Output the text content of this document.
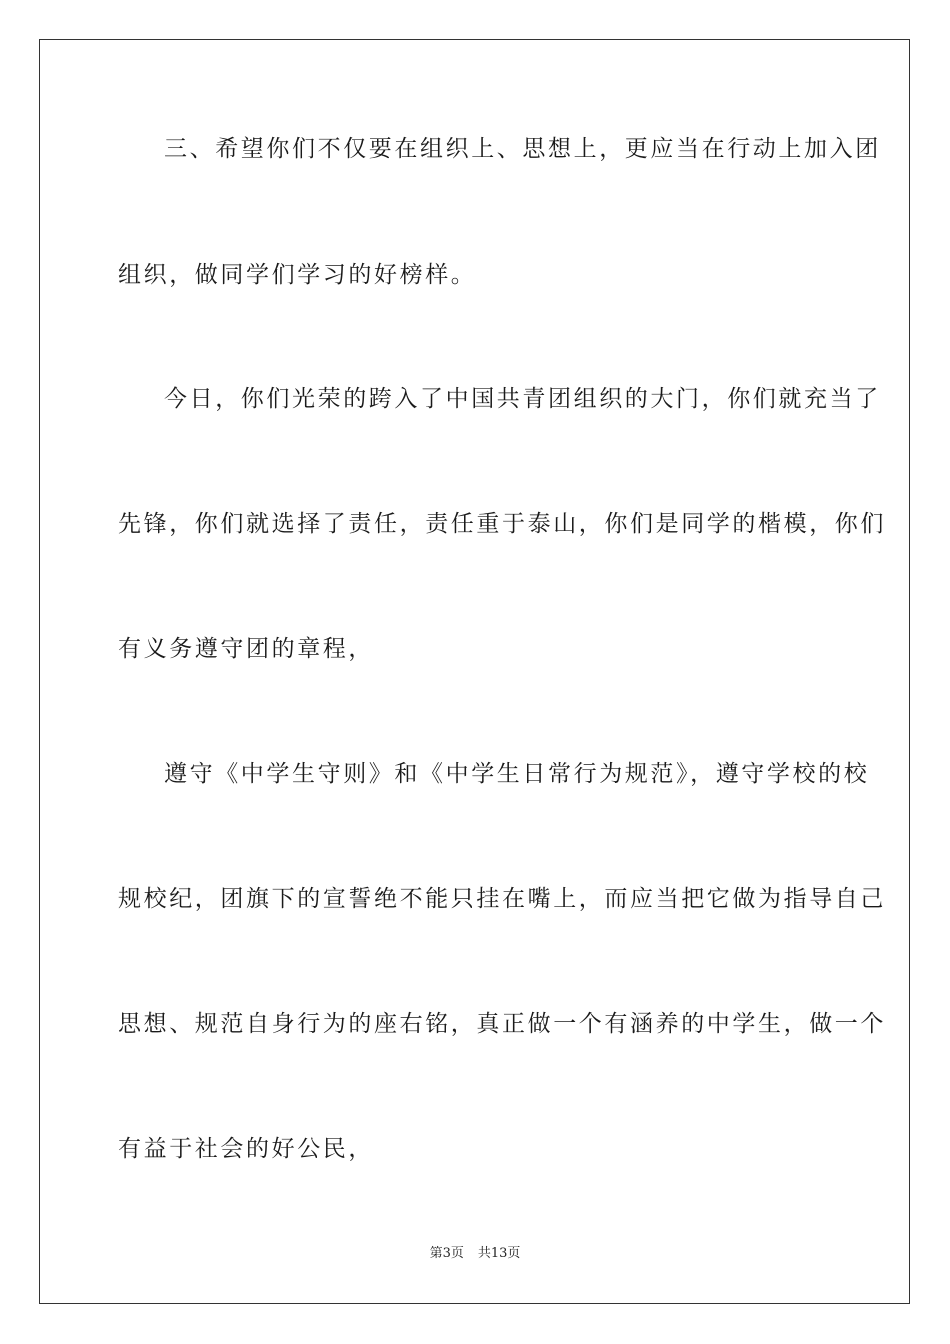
三、希望你们不仅要在组织上、思想上，更应当在行动上加入团
组织，做同学们学习的好榜样。
今日，你们光荣的跨入了中国共青团组织的大门，你们就充当了
先锋，你们就选择了责任，责任重于泰山，你们是同学的楷模，你们
有义务遵守团的章程，
遵守《中学生守则》和《中学生日常行为规范》，遵守学校的校
规校纪，团旗下的宣誓绝不能只挂在嘴上，而应当把它做为指导自己
思想、规范自身行为的座右铭，真正做一个有涵养的中学生，做一个
有益于社会的好公民，
第3页 共13页
